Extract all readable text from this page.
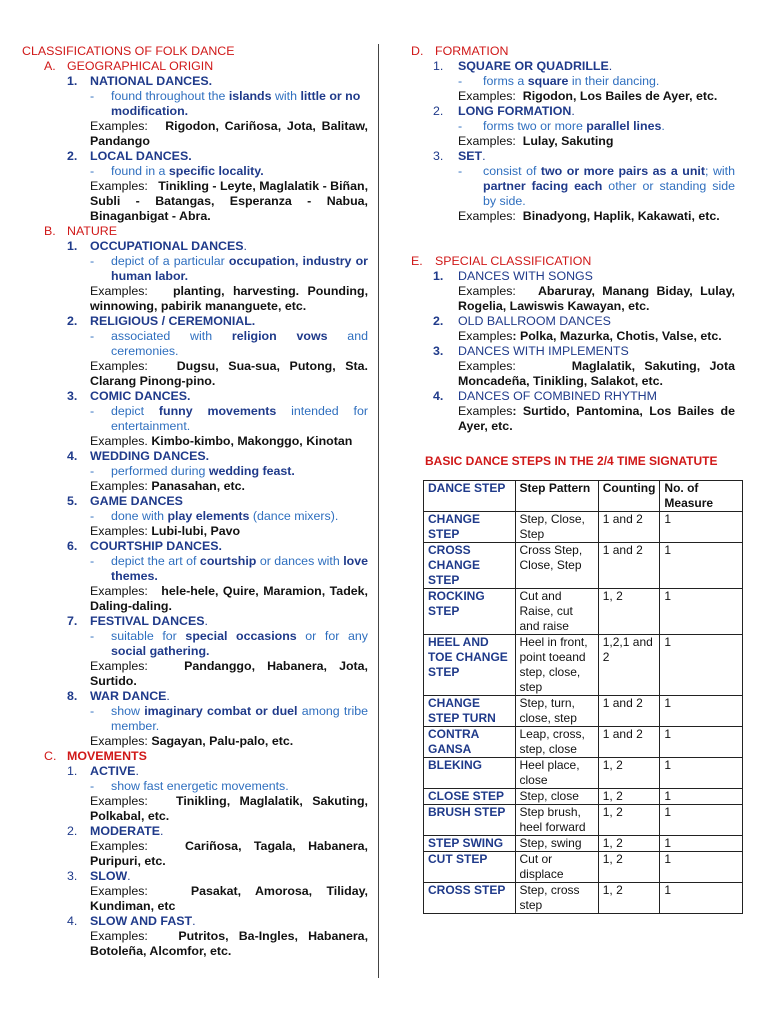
CLASSIFICATIONS OF FOLK DANCE
A. GEOGRAPHICAL ORIGIN
1.	NATIONAL DANCES.
-	found throughout the islands with little or no modification.
Examples: Rigodon, Cariñosa, Jota, Balitaw, Pandango
2.	LOCAL DANCES.
-	found in a specific locality.
Examples: Tinikling - Leyte, Maglalatik - Biñan, Subli - Batangas, Esperanza - Nabua, Binaganbigat - Abra.
B. NATURE
1.	OCCUPATIONAL DANCES.
-	depict of a particular occupation, industry or human labor.
Examples: planting, harvesting. Pounding, winnowing, pabirik mananguete, etc.
2.	RELIGIOUS / CEREMONIAL.
-	associated with religion vows and ceremonies.
Examples: Dugsu, Sua-sua, Putong, Sta. Clarang Pinong-pino.
3.	COMIC DANCES.
-	depict funny movements intended for entertainment.
Examples. Kimbo-kimbo, Makonggo, Kinotan
4.	WEDDING DANCES.
-	performed during wedding feast.
Examples: Panasahan, etc.
5.	GAME DANCES
-	done with play elements (dance mixers).
Examples: Lubi-lubi, Pavo
6.	COURTSHIP DANCES.
-	depict the art of courtship or dances with love themes.
Examples: hele-hele, Quire, Maramion, Tadek, Daling-daling.
7.	FESTIVAL DANCES.
-	suitable for special occasions or for any social gathering.
Examples:	Pandanggo, Habanera, Jota, Surtido.
8.	WAR DANCE.
-	show imaginary combat or duel among tribe member.
Examples: Sagayan, Palu-palo, etc.
C. MOVEMENTS
1.	ACTIVE.
-	show fast energetic movements.
Examples: Tinikling, Maglalatik, Sakuting, Polkabal, etc.
2.	MODERATE.
Examples:	Cariñosa, Tagala, Habanera, Puripuri, etc.
3.	SLOW.
Examples:	Pasakat, Amorosa, Tiliday, Kundiman, etc
4.	SLOW AND FAST.
Examples: Putritos, Ba-Ingles, Habanera, Botoleña, Alcomfor, etc.
D. FORMATION
1.	SQUARE OR QUADRILLE.
-	forms a square in their dancing.
Examples: Rigodon, Los Bailes de Ayer, etc.
2.	LONG FORMATION.
-	forms two or more parallel lines.
Examples: Lulay, Sakuting
3.	SET.
-	consist of two or more pairs as a unit; with partner facing each other or standing side by side.
Examples: Binadyong, Haplik, Kakawati, etc.
E. SPECIAL CLASSIFICATION
1.	DANCES WITH SONGS
Examples: Abaruray, Manang Biday, Lulay, Rogelia, Lawiswis Kawayan, etc.
2.	OLD BALLROOM DANCES
Examples: Polka, Mazurka, Chotis, Valse, etc.
3.	DANCES WITH IMPLEMENTS
Examples:	Maglalatik, Sakuting, Jota Moncadeña, Tinikling, Salakot, etc.
4.	DANCES OF COMBINED RHYTHM
Examples: Surtido, Pantomina, Los Bailes de Ayer, etc.
BASIC DANCE STEPS IN THE 2/4 TIME SIGNATUTE
DANCE STEP	Step Pattern	Counting	No. of Measure
CHANGE STEP	Step, Close, Step	1 and 2	1
CROSS CHANGE STEP	Cross Step, Close, Step	1 and 2	1
ROCKING STEP	Cut and Raise, cut and raise	1, 2	1
HEEL AND TOE CHANGE STEP	Heel in front, point toeand step, close, step	1,2,1 and 2	1
CHANGE STEP TURN	Step, turn, close, step	1 and 2	1
CONTRA GANSA	Leap, cross, step, close	1 and 2	1
BLEKING	Heel place, close	1, 2	1
CLOSE STEP	Step, close	1, 2	1
BRUSH STEP	Step brush, heel forward	1, 2	1
STEP SWING	Step, swing	1, 2	1
CUT STEP	Cut or displace	1, 2	1
CROSS STEP	Step, cross step	1, 2	1
